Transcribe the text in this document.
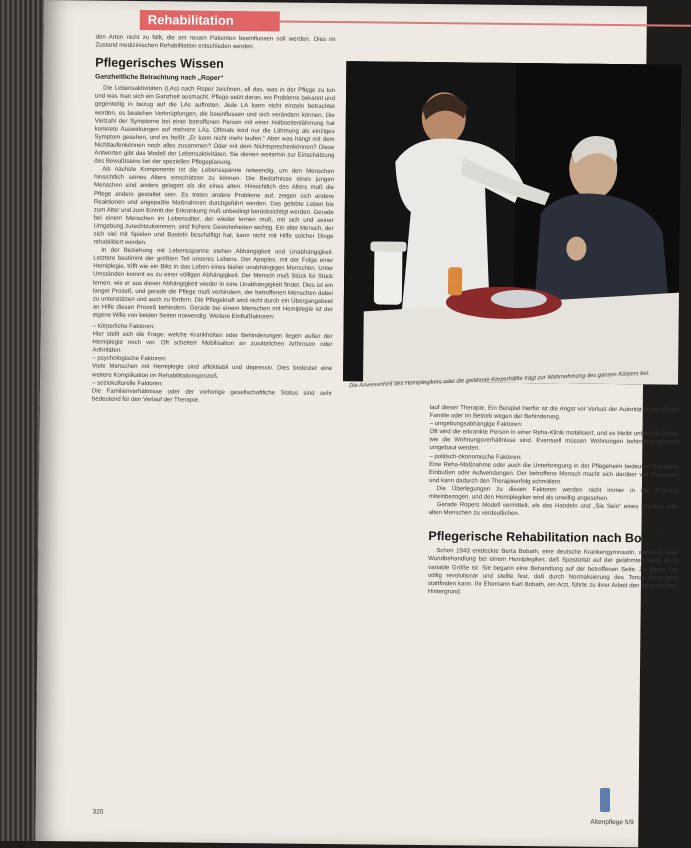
Rehabilitation

den Arten nicht zu fällt, die am neuen Patienten beeinflussen soll werden. Dies im Zustand medizinischen Rehabilitation entschieden werden.

Pflegerisches Wissen
Ganzheitliche Betrachtung nach „Roper“

Die Lebensaktivitäten (LAs) nach Roper zeichnen, all das, was in der Pflege zu tun und was man sich ein Ganzheit ausmacht. Pflege setzt daran, wo Probleme bekannt und gegenteilig in bezug auf die LAs auftreten. Jede LA kann nicht einzeln betrachtet werden, es bestehen Verknüpfungen, die beeinflussen und sich verändern können. Die Vielzahl der Symptome bei einer betroffenen Person mit einer Halbseitenlähmung hat konkrete Auswirkungen auf mehrere LAs. Oftmals wird nur die Lähmung als einziges Symptom gesehen, und es heißt: „Er kann nicht mehr laufen.“ Aber was hängt mit dem Nichtlaufenkönnen noch alles zusammen? Oder mit dem Nichtsprechenkönnen? Diese Antworten gibt das Modell der Lebensaktivitäten. Sie dienen weiterhin zur Einschätzung des Bewußtseins bei der speziellen Pflegeplanung.

Als nächste Komponente ist die Lebensspanne notwendig, um den Menschen hinsichtlich seines Alters einschätzen zu können. Die Bedürfnisse eines jungen Menschen sind anders gelagert als die eines alten. Hinsichtlich des Alters muß die Pflege anders gestaltet sein. Es treten andere Probleme auf, zeigen sich andere Reaktionen und angepaßte Maßnahmen durchgeführt werden. Das gelebte Leben bis zum Alter und zum Eintritt der Erkrankung muß unbedingt berücksichtigt werden. Gerade bei einem Menschen im Lebensalter, der wieder lernen muß, mit sich und seiner Umgebung zurechtzukommen, sind frühere Gewohnheiten wichtig. Ein alter Mensch, der sich viel mit Spielen und Basteln beschäftigt hat, kann nicht mit Hilfe solcher Dinge rehabilitiert werden.

In der Beziehung mit Lebensspanne stehen Abhängigkeit und Unabhängigkeit. Letztere bestimmt der größten Teil unseres Lebens. Der Apoplex, mit der Folge einer Hemiplegie, trifft wie ein Blitz in das Leben eines bisher unabhängigen Menschen. Unter Umständen kommt es zu einer völligen Abhängigkeit. Der Mensch muß Stück für Stück lernen, wie er aus dieser Abhängigkeit wieder in eine Unabhängigkeit findet. Dies ist ein langer Prozeß, und gerade die Pflege muß verhindern, der betroffenen Menschen dabei zu unterstützen und auch zu fördern. Die Pflegekraft wird nicht durch ein Übergangsbeet an Hilfe diesen Prozeß behindern. Gerade bei einem Menschen mit Hemiplegie ist der eigene Wille von beiden Seiten notwendig. Weitere Einflußfaktoren:

– körperliche Faktoren:

Hier stellt sich die Frage, welche Krankheiten oder Behinderungen liegen außer der Hemiplegie noch vor. Oft scheitert Mobilisation an zusätzlichen Arthrosen oder Arthritiden.

– psychologische Faktoren:

Viele Menschen mit Hemiplegie sind affektlabil und depressiv. Dies bedeutet eine weitere Komplikation im Rehabilitationsprozeß.

– soziokulturelle Faktoren:

Die Familienverhältnisse oder der vorherige gesellschaftliche Status sind sehr bedeutend für den Verlauf der Therapie.

Die Anwesenheit des Hemiplegikers oder die gelähmte Körperhälfte trägt zur Wahrnehmung des ganzen Körpers bei.

lauf dieser Therapie. Ein Beispiel hierfür ist die Angst vor Verlust der Autorität innerhalb der Familie oder im Betrieb wegen der Behinderung.

– umgebungsabhängige Faktoren:

Oft wird die erkrankte Person in einer Reha-Klinik mobilisiert, und es bleibt unberücksichtigt, wie die Wohnungsverhältnisse sind. Eventuell müssen Wohnungen behindertengerecht umgebaut werden.

– politisch-ökonomische Faktoren:

Eine Reha-Maßnahme oder auch die Unterbringung in der Pflegeheim bedeuten finanzielle Einbußen oder Aufwendungen. Der betroffene Mensch macht sich darüber viel Gedanken und kann dadurch den Therapieerfolg schmälern.

Die Überlegungen zu diesen Faktoren werden nicht immer in die Therapie miteinbezogen, und den Hemiplegiker wird als unwillig angesehen.

Gerade Ropers Modell vermittelt, als das Handeln und „Sie Sein“ eines Kranken oder alten Menschen zu verdeutlichen.

Pflegerische Rehabilitation nach Bobath

Schon 1943 entdeckte Berta Bobath, eine deutsche Krankengymnastin, während einer Wundbehandlung bei einem Hemiplegiker, daß Spastizität auf der gelähmten Seite keine variable Größe ist. Sie begann eine Behandlung auf der betroffenen Seite. Zu dieser Zeit völlig revolutionär und stellte fest, daß durch Normalisierung des Tonus Bewegung stattfinden kann. Ihr Ehemann Karl Bobath, ein Arzt, führte zu ihrer Arbeit den theoretischen Hintergrund.

320
Altenpflege 5/9
